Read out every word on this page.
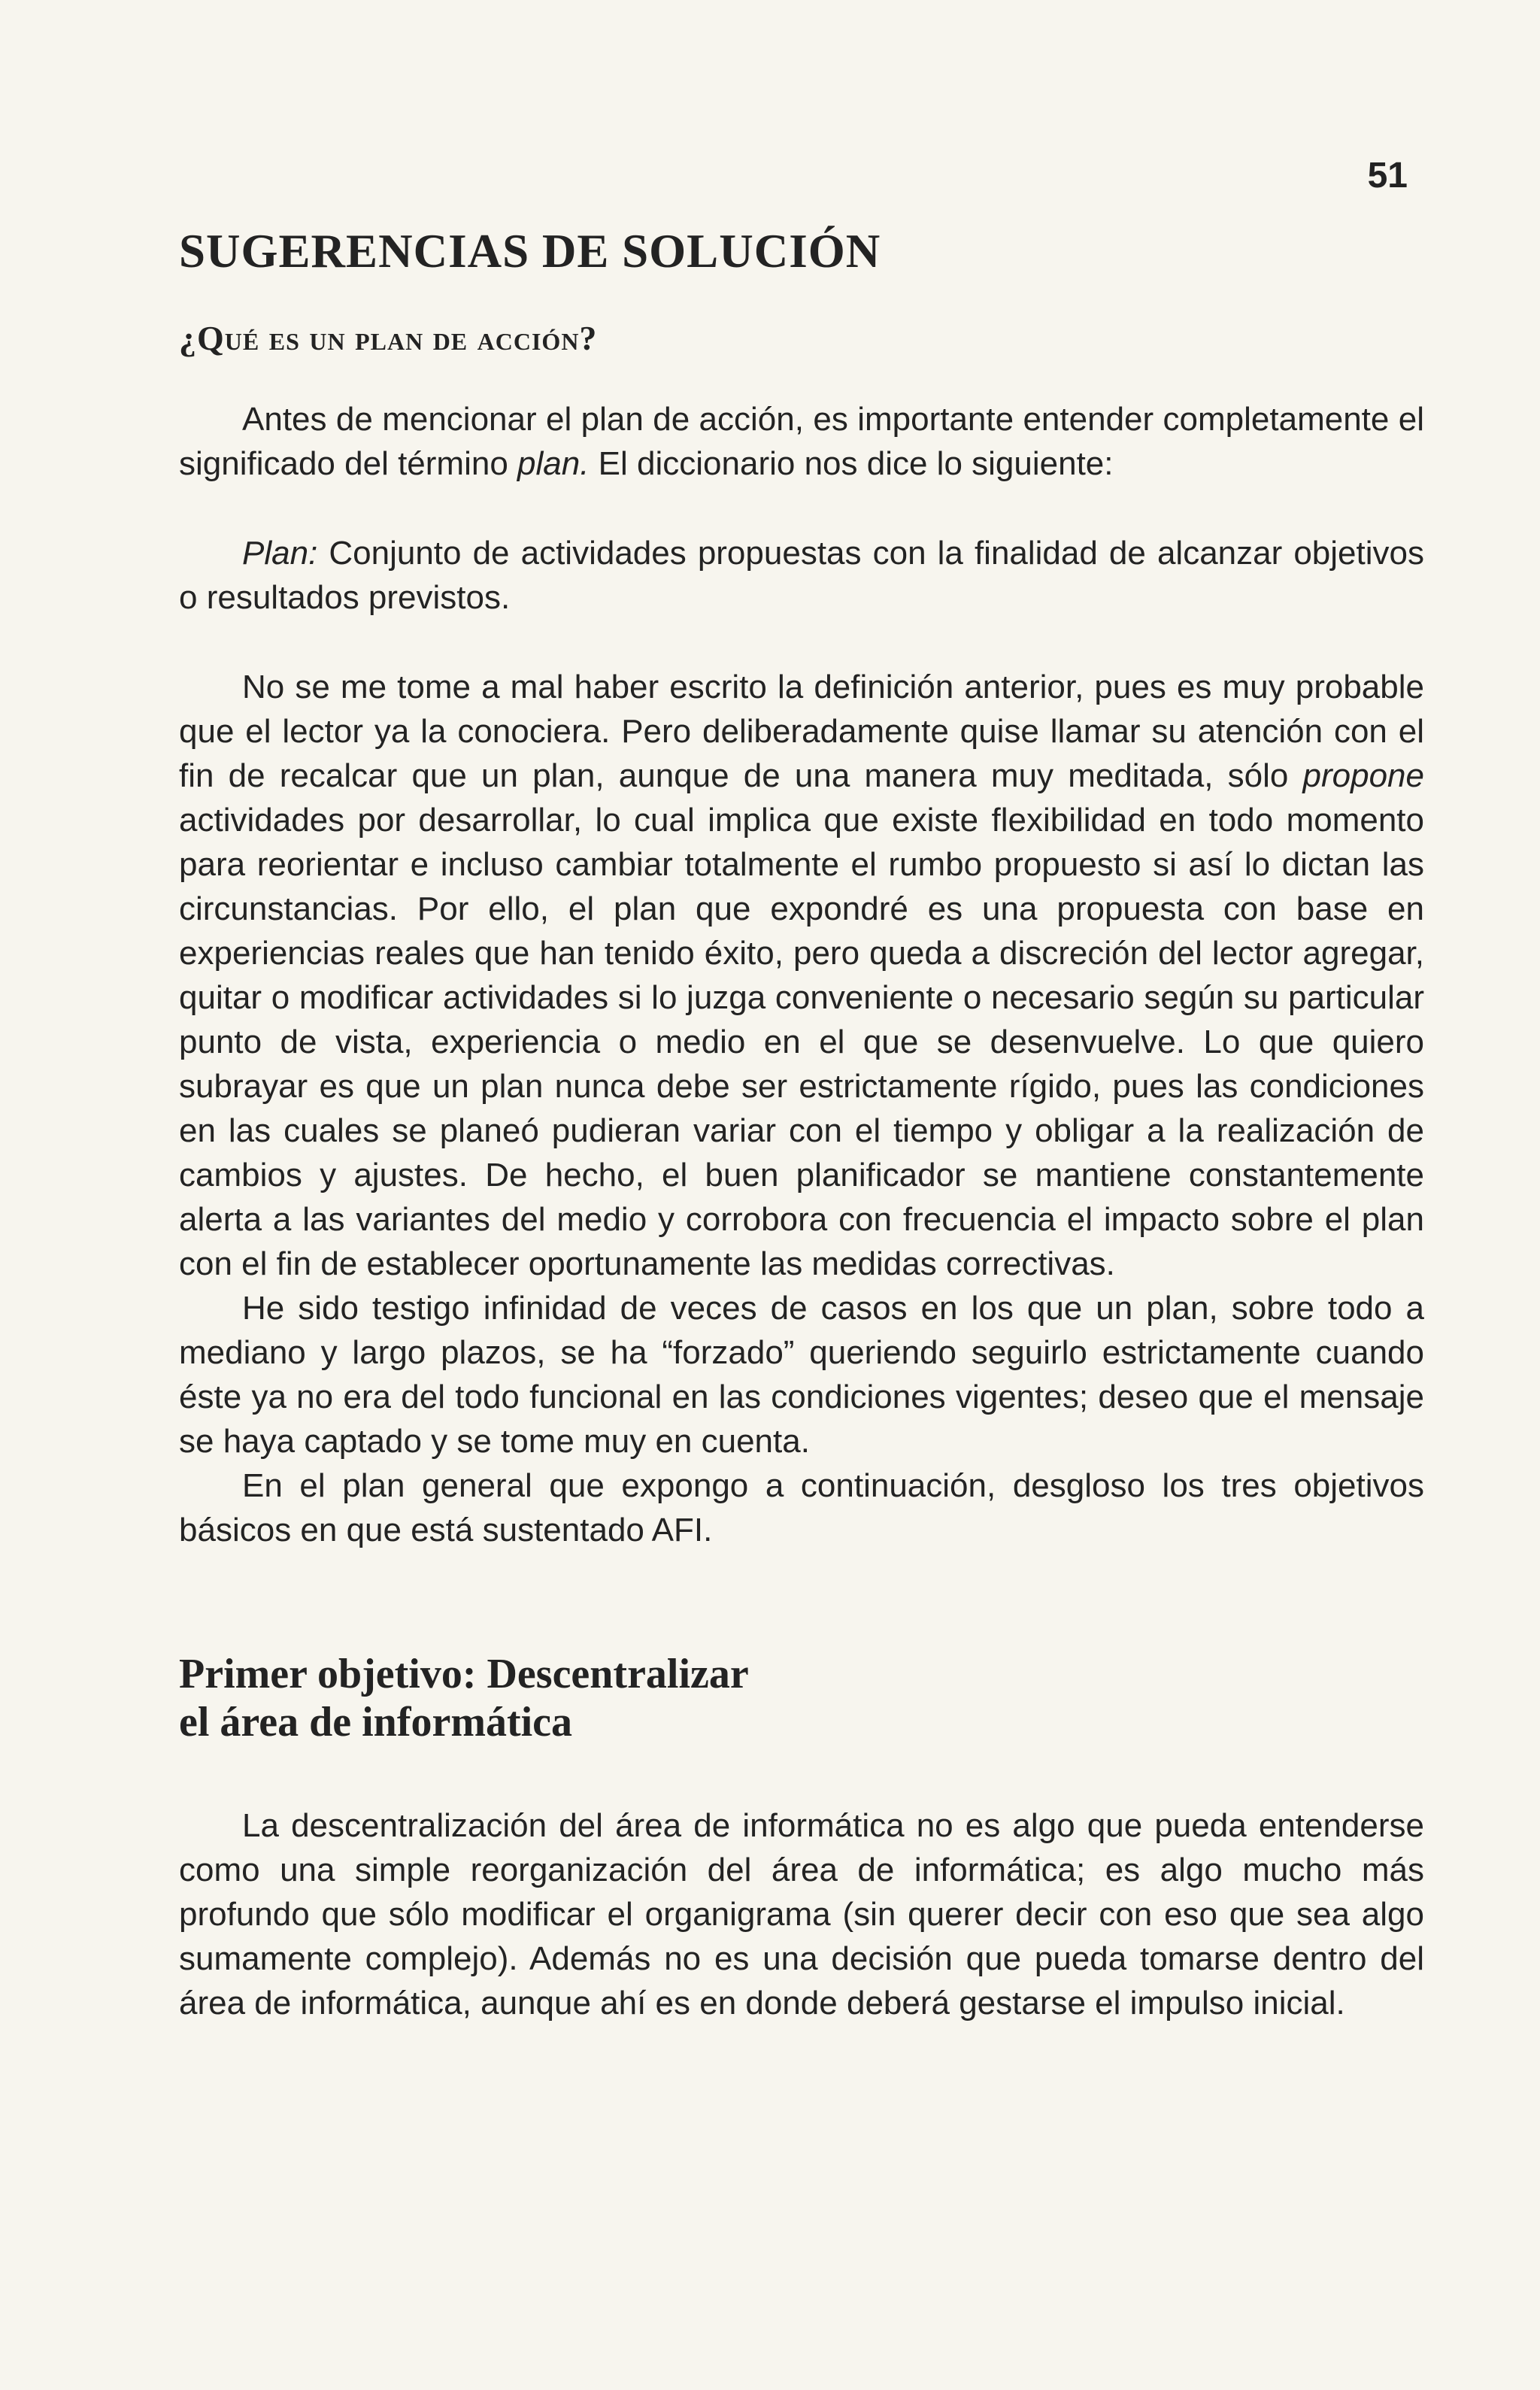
51
SUGERENCIAS DE SOLUCIÓN
¿Qué es un plan de acción?

Antes de mencionar el plan de acción, es importante entender completamente el significado del término plan. El diccionario nos dice lo siguiente:

Plan: Conjunto de actividades propuestas con la finalidad de alcanzar objetivos o resultados previstos.

No se me tome a mal haber escrito la definición anterior, pues es muy probable que el lector ya la conociera. Pero deliberadamente quise llamar su atención con el fin de recalcar que un plan, aunque de una manera muy meditada, sólo propone actividades por desarrollar, lo cual implica que existe flexibilidad en todo momento para reorientar e incluso cambiar totalmente el rumbo propuesto si así lo dictan las circunstancias. Por ello, el plan que expondré es una propuesta con base en experiencias reales que han tenido éxito, pero queda a discreción del lector agregar, quitar o modificar actividades si lo juzga conveniente o necesario según su particular punto de vista, experiencia o medio en el que se desenvuelve. Lo que quiero subrayar es que un plan nunca debe ser estrictamente rígido, pues las condiciones en las cuales se planeó pudieran variar con el tiempo y obligar a la realización de cambios y ajustes. De hecho, el buen planificador se mantiene constantemente alerta a las variantes del medio y corrobora con frecuencia el impacto sobre el plan con el fin de establecer oportunamente las medidas correctivas.

He sido testigo infinidad de veces de casos en los que un plan, sobre todo a mediano y largo plazos, se ha “forzado” queriendo seguirlo estrictamente cuando éste ya no era del todo funcional en las condiciones vigentes; deseo que el mensaje se haya captado y se tome muy en cuenta.

En el plan general que expongo a continuación, desgloso los tres objetivos básicos en que está sustentado AFI.

Primer objetivo: Descentralizar
el área de informática

La descentralización del área de informática no es algo que pueda entenderse como una simple reorganización del área de informática; es algo mucho más profundo que sólo modificar el organigrama (sin querer decir con eso que sea algo sumamente complejo). Además no es una decisión que pueda tomarse dentro del área de informática, aunque ahí es en donde deberá gestarse el impulso inicial.
